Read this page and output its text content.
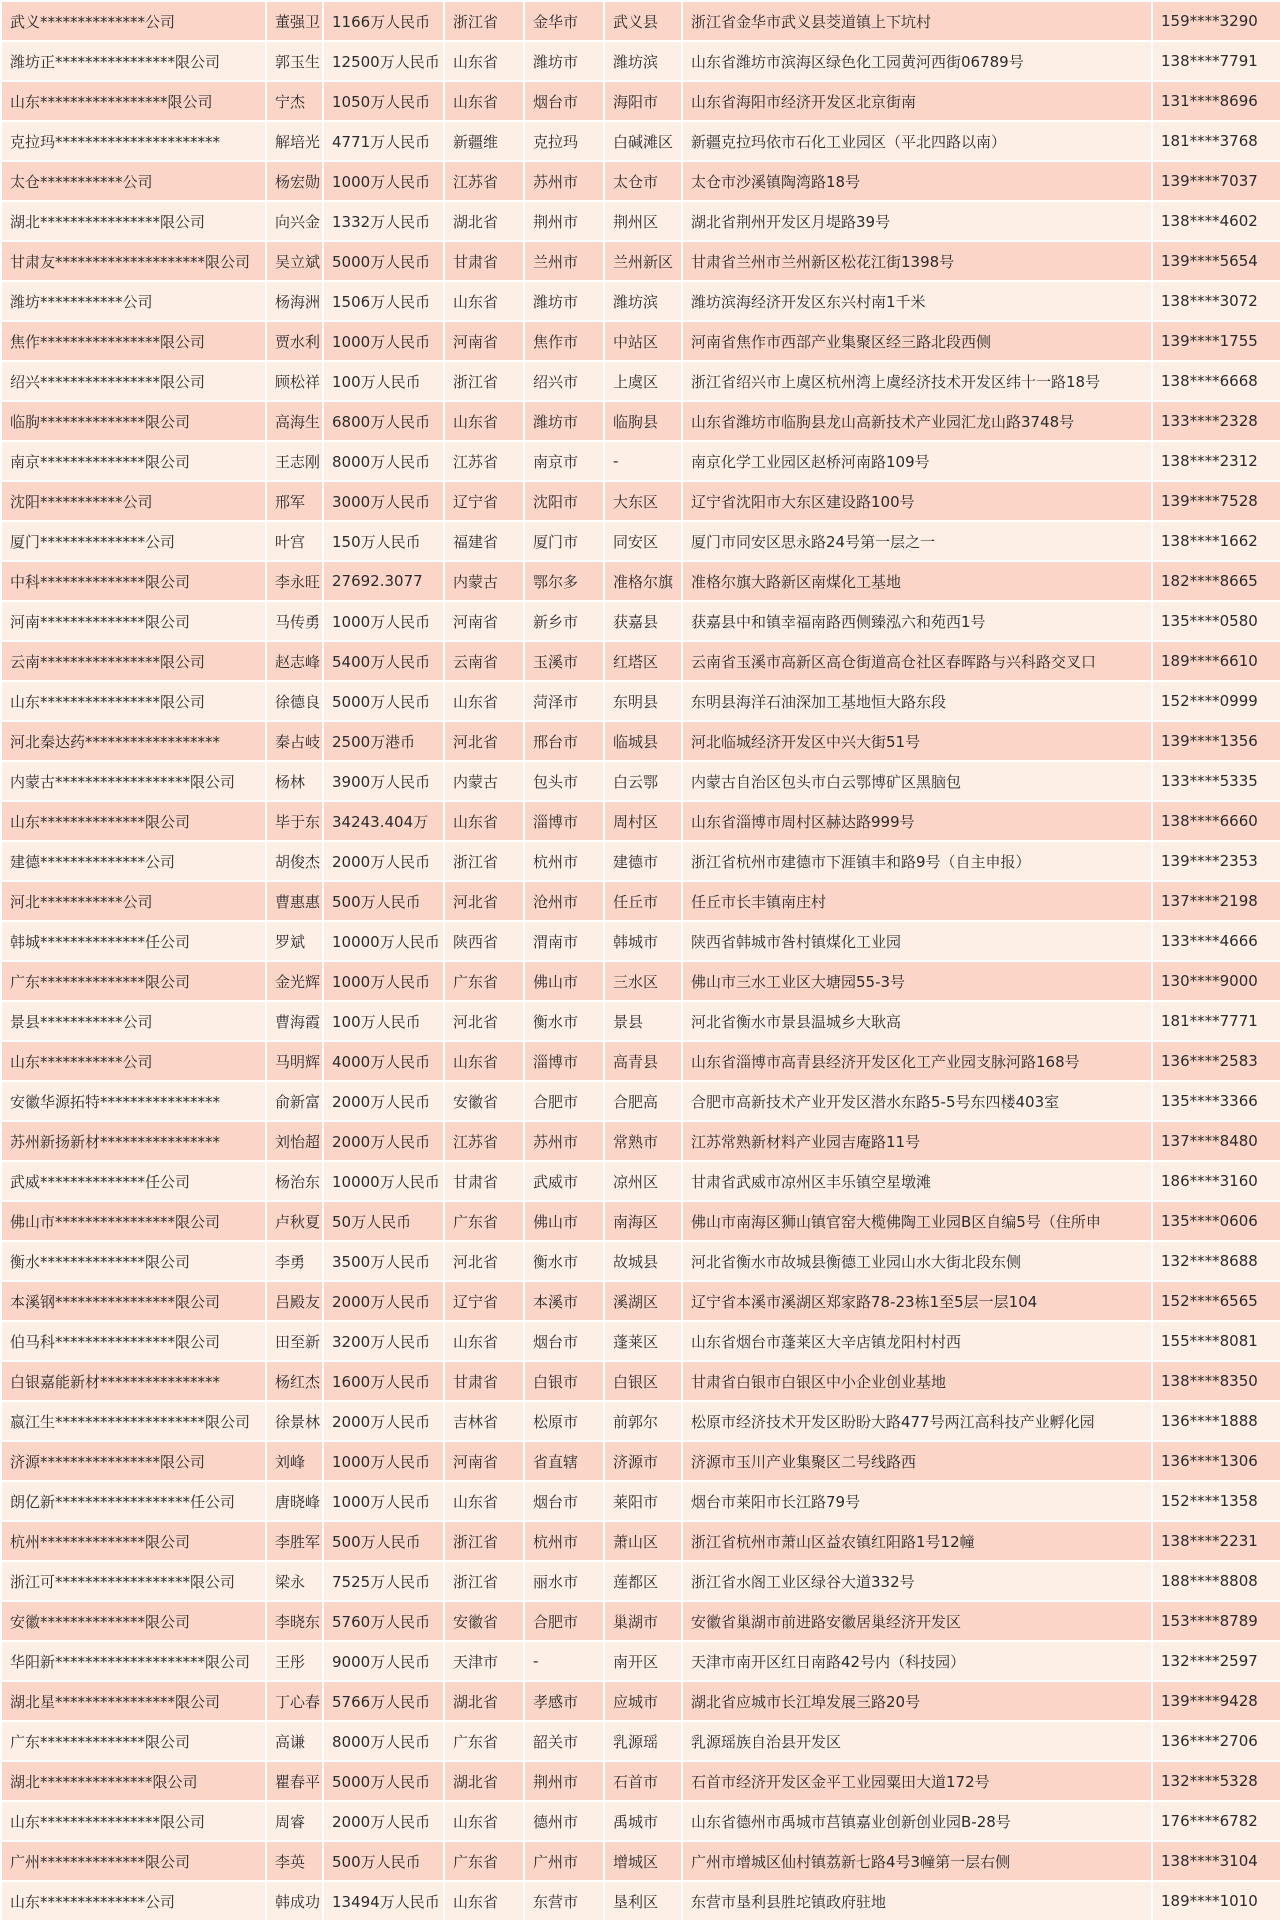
武义**************公司	董强卫	1166万人民币	浙江省	金华市	武义县	浙江省金华市武义县茭道镇上下坑村	159****3290
潍坊正****************限公司	郭玉生	12500万人民币	山东省	潍坊市	潍坊滨	山东省潍坊市滨海区绿色化工园黄河西街06789号	138****7791
山东*****************限公司	宁杰	1050万人民币	山东省	烟台市	海阳市	山东省海阳市经济开发区北京街南	131****8696
克拉玛**********************	解培光	4771万人民币	新疆维	克拉玛	白碱滩区	新疆克拉玛依市石化工业园区（平北四路以南）	181****3768
太仓***********公司	杨宏勋	1000万人民币	江苏省	苏州市	太仓市	太仓市沙溪镇陶湾路18号	139****7037
湖北****************限公司	向兴金	1332万人民币	湖北省	荆州市	荆州区	湖北省荆州开发区月堤路39号	138****4602
甘肃友********************限公司	吴立斌	5000万人民币	甘肃省	兰州市	兰州新区	甘肃省兰州市兰州新区松花江街1398号	139****5654
潍坊***********公司	杨海洲	1506万人民币	山东省	潍坊市	潍坊滨	潍坊滨海经济开发区东兴村南1千米	138****3072
焦作****************限公司	贾水利	1000万人民币	河南省	焦作市	中站区	河南省焦作市西部产业集聚区经三路北段西侧	139****1755
绍兴****************限公司	顾松祥	100万人民币	浙江省	绍兴市	上虞区	浙江省绍兴市上虞区杭州湾上虞经济技术开发区纬十一路18号	138****6668
临朐**************限公司	高海生	6800万人民币	山东省	潍坊市	临朐县	山东省潍坊市临朐县龙山高新技术产业园汇龙山路3748号	133****2328
南京**************限公司	王志刚	8000万人民币	江苏省	南京市	-	南京化学工业园区赵桥河南路109号	138****2312
沈阳***********公司	邢军	3000万人民币	辽宁省	沈阳市	大东区	辽宁省沈阳市大东区建设路100号	139****7528
厦门**************公司	叶宫	150万人民币	福建省	厦门市	同安区	厦门市同安区思永路24号第一层之一	138****1662
中科**************限公司	李永旺	27692.3077	内蒙古	鄂尔多	准格尔旗	准格尔旗大路新区南煤化工基地	182****8665
河南**************限公司	马传勇	1000万人民币	河南省	新乡市	获嘉县	获嘉县中和镇幸福南路西侧臻泓六和苑西1号	135****0580
云南****************限公司	赵志峰	5400万人民币	云南省	玉溪市	红塔区	云南省玉溪市高新区高仓街道高仓社区春晖路与兴科路交叉口	189****6610
山东****************限公司	徐德良	5000万人民币	山东省	菏泽市	东明县	东明县海洋石油深加工基地恒大路东段	152****0999
河北秦达药******************	秦占岐	2500万港币	河北省	邢台市	临城县	河北临城经济开发区中兴大街51号	139****1356
内蒙古******************限公司	杨林	3900万人民币	内蒙古	包头市	白云鄂	内蒙古自治区包头市白云鄂博矿区黑脑包	133****5335
山东**************限公司	毕于东	34243.404万	山东省	淄博市	周村区	山东省淄博市周村区赫达路999号	138****6660
建德**************公司	胡俊杰	2000万人民币	浙江省	杭州市	建德市	浙江省杭州市建德市下涯镇丰和路9号（自主申报）	139****2353
河北***********公司	曹惠惠	500万人民币	河北省	沧州市	任丘市	任丘市长丰镇南庄村	137****2198
韩城**************任公司	罗斌	10000万人民币	陕西省	渭南市	韩城市	陕西省韩城市昝村镇煤化工业园	133****4666
广东**************限公司	金光辉	1000万人民币	广东省	佛山市	三水区	佛山市三水工业区大塘园55-3号	130****9000
景县***********公司	曹海霞	100万人民币	河北省	衡水市	景县	河北省衡水市景县温城乡大耿高	181****7771
山东***********公司	马明辉	4000万人民币	山东省	淄博市	高青县	山东省淄博市高青县经济开发区化工产业园支脉河路168号	136****2583
安徽华源拓特****************	俞新富	2000万人民币	安徽省	合肥市	合肥高	合肥市高新技术产业开发区潜水东路5-5号东四楼403室	135****3366
苏州新扬新材****************	刘怡超	2000万人民币	江苏省	苏州市	常熟市	江苏常熟新材料产业园吉庵路11号	137****8480
武威**************任公司	杨治东	10000万人民币	甘肃省	武威市	凉州区	甘肃省武威市凉州区丰乐镇空星墩滩	186****3160
佛山市****************限公司	卢秋夏	50万人民币	广东省	佛山市	南海区	佛山市南海区狮山镇官窑大榄佛陶工业园B区自编5号（住所申	135****0606
衡水**************限公司	李勇	3500万人民币	河北省	衡水市	故城县	河北省衡水市故城县衡德工业园山水大街北段东侧	132****8688
本溪钢****************限公司	吕殿友	2000万人民币	辽宁省	本溪市	溪湖区	辽宁省本溪市溪湖区郑家路78-23栋1至5层一层104	152****6565
伯马科****************限公司	田至新	3200万人民币	山东省	烟台市	蓬莱区	山东省烟台市蓬莱区大辛店镇龙阳村村西	155****8081
白银嘉能新材****************	杨红杰	1600万人民币	甘肃省	白银市	白银区	甘肃省白银市白银区中小企业创业基地	138****8350
嬴江生********************限公司	徐景林	2000万人民币	吉林省	松原市	前郭尔	松原市经济技术开发区盼盼大路477号两江高科技产业孵化园	136****1888
济源****************限公司	刘峰	1000万人民币	河南省	省直辖	济源市	济源市玉川产业集聚区二号线路西	136****1306
朗亿新******************任公司	唐晓峰	1000万人民币	山东省	烟台市	莱阳市	烟台市莱阳市长江路79号	152****1358
杭州**************限公司	李胜军	500万人民币	浙江省	杭州市	萧山区	浙江省杭州市萧山区益农镇红阳路1号12幢	138****2231
浙江可******************限公司	梁永	7525万人民币	浙江省	丽水市	莲都区	浙江省水阁工业区绿谷大道332号	188****8808
安徽**************限公司	李晓东	5760万人民币	安徽省	合肥市	巢湖市	安徽省巢湖市前进路安徽居巢经济开发区	153****8789
华阳新********************限公司	王彤	9000万人民币	天津市	-	南开区	天津市南开区红日南路42号内（科技园）	132****2597
湖北星****************限公司	丁心春	5766万人民币	湖北省	孝感市	应城市	湖北省应城市长江埠发展三路20号	139****9428
广东**************限公司	高谦	8000万人民币	广东省	韶关市	乳源瑶	乳源瑶族自治县开发区	136****2706
湖北***************限公司	瞿春平	5000万人民币	湖北省	荆州市	石首市	石首市经济开发区金平工业园粟田大道172号	132****5328
山东****************限公司	周睿	2000万人民币	山东省	德州市	禹城市	山东省德州市禹城市莒镇嘉业创新创业园B-28号	176****6782
广州**************限公司	李英	500万人民币	广东省	广州市	增城区	广州市增城区仙村镇荔新七路4号3幢第一层右侧	138****3104
山东**************公司	韩成功	13494万人民币	山东省	东营市	垦利区	东营市垦利县胜坨镇政府驻地	189****1010
